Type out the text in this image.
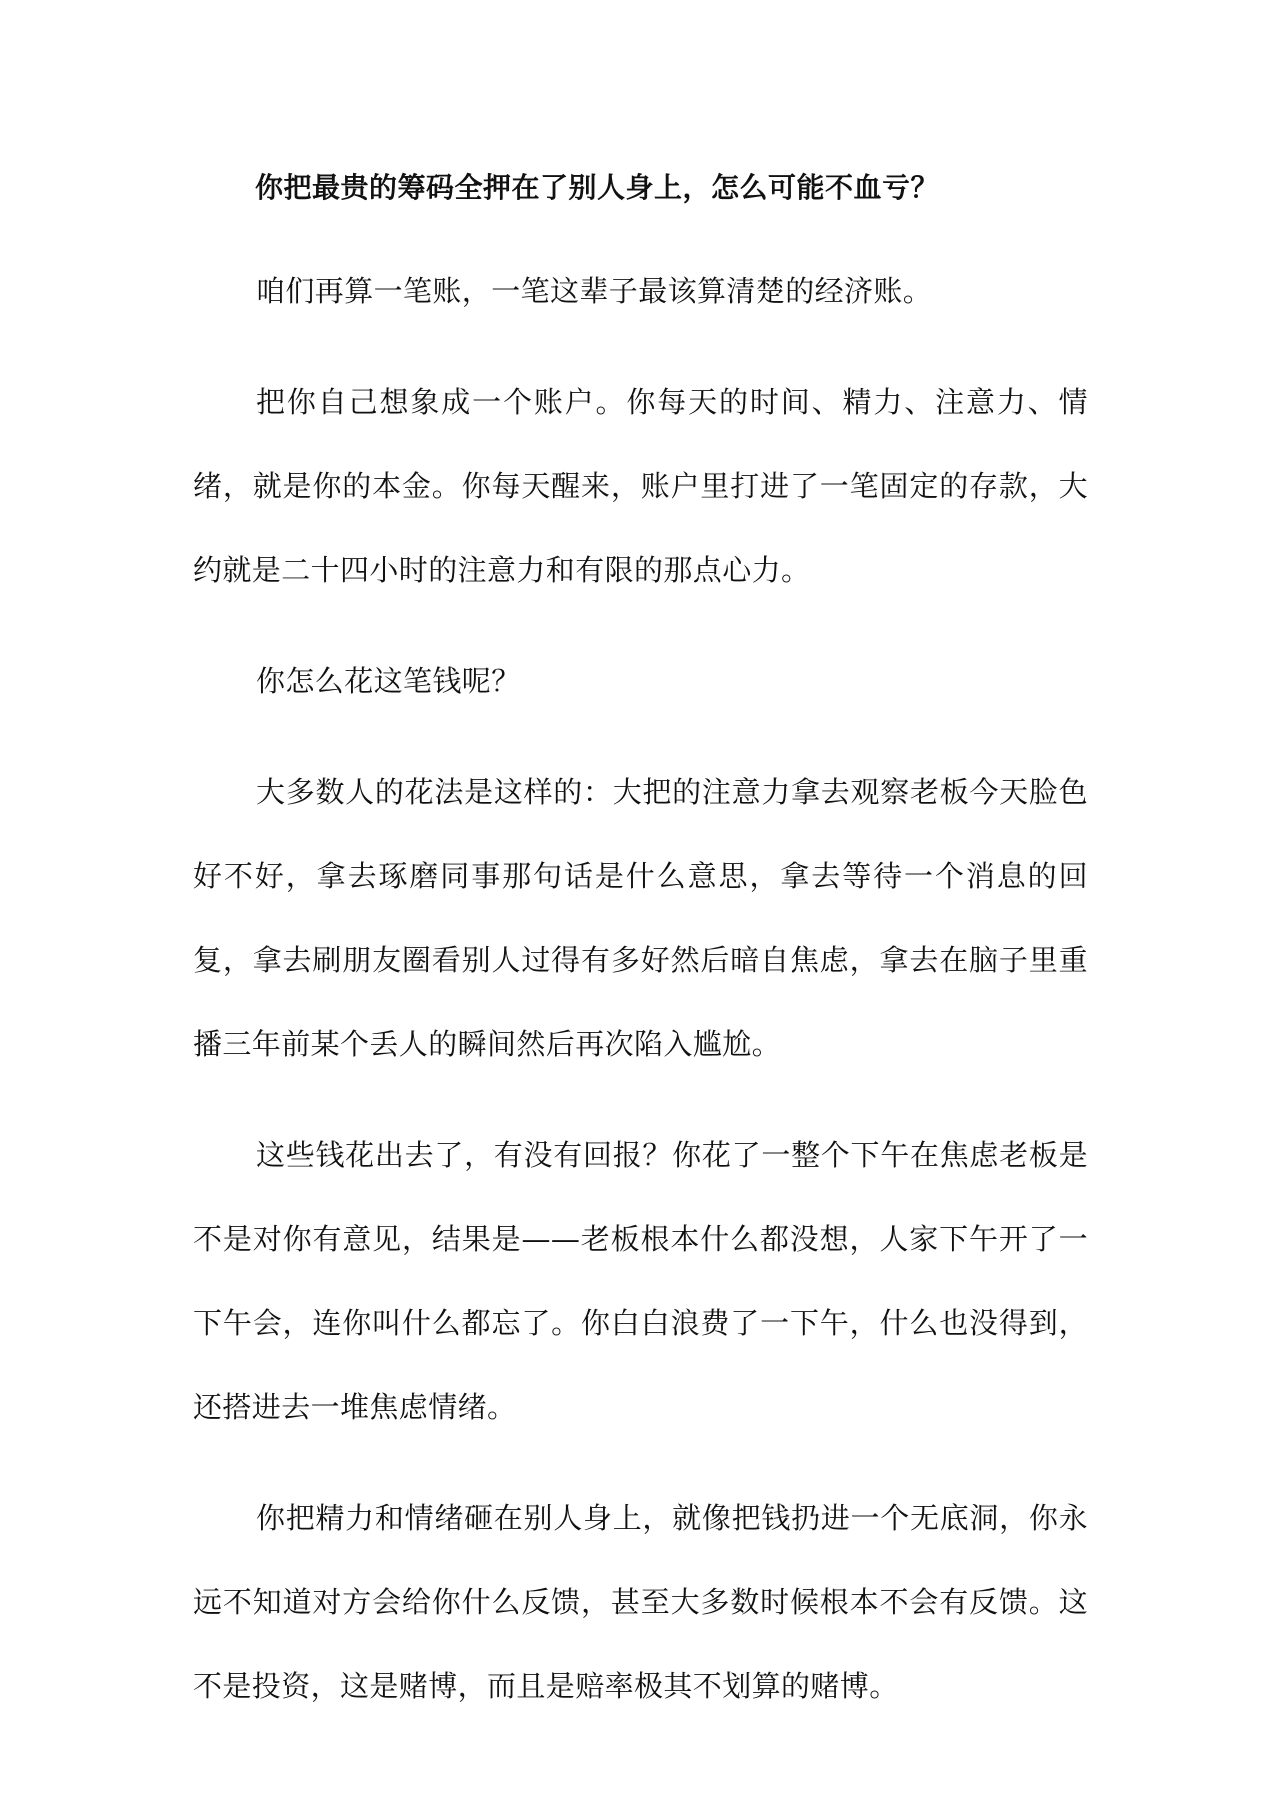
你把最贵的筹码全押在了别人身上，怎么可能不血亏？

咱们再算一笔账，一笔这辈子最该算清楚的经济账。

把你自己想象成一个账户。你每天的时间、精力、注意力、情绪，就是你的本金。你每天醒来，账户里打进了一笔固定的存款，大约就是二十四小时的注意力和有限的那点心力。

你怎么花这笔钱呢？

大多数人的花法是这样的：大把的注意力拿去观察老板今天脸色好不好，拿去琢磨同事那句话是什么意思，拿去等待一个消息的回复，拿去刷朋友圈看别人过得有多好然后暗自焦虑，拿去在脑子里重播三年前某个丢人的瞬间然后再次陷入尴尬。

这些钱花出去了，有没有回报？你花了一整个下午在焦虑老板是不是对你有意见，结果是——老板根本什么都没想，人家下午开了一下午会，连你叫什么都忘了。你白白浪费了一下午，什么也没得到，还搭进去一堆焦虑情绪。

你把精力和情绪砸在别人身上，就像把钱扔进一个无底洞，你永远不知道对方会给你什么反馈，甚至大多数时候根本不会有反馈。这不是投资，这是赌博，而且是赔率极其不划算的赌博。
